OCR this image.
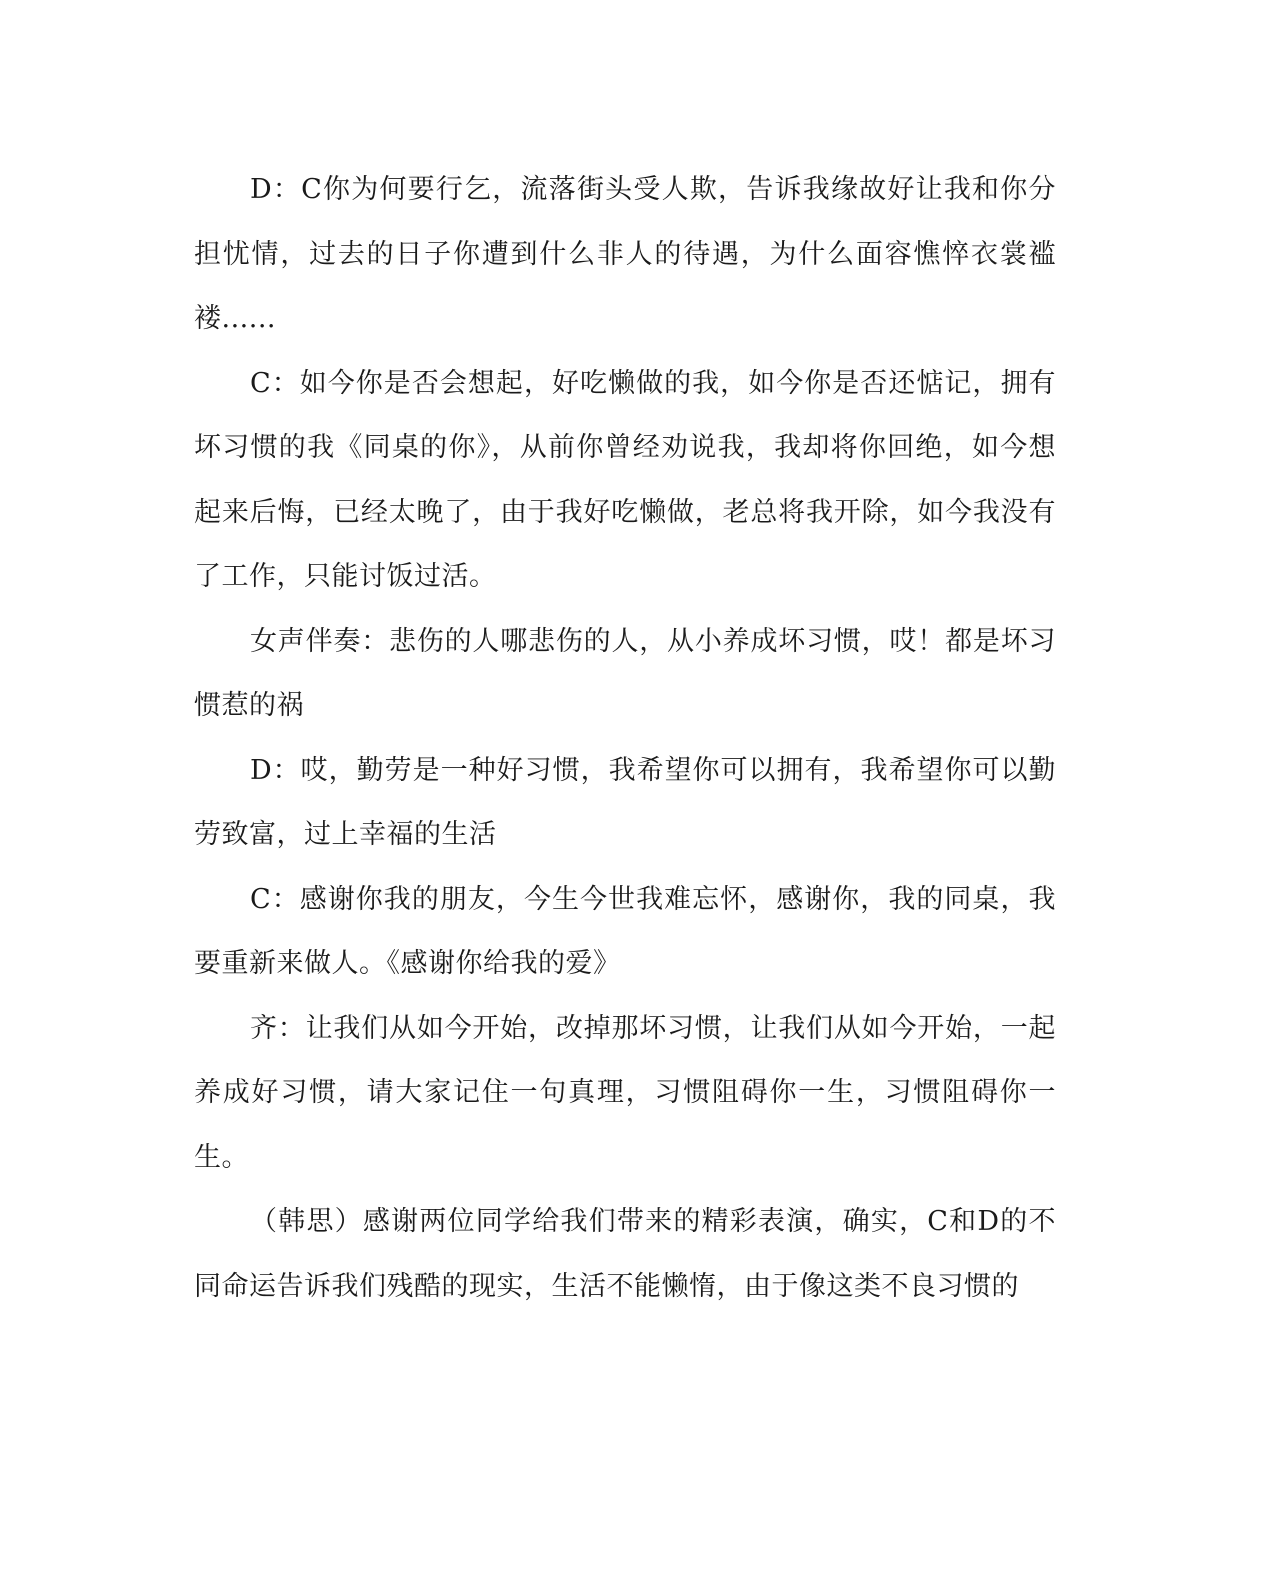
D：C你为何要行乞，流落街头受人欺，告诉我缘故好让我和你分担忧情，过去的日子你遭到什么非人的待遇，为什么面容憔悴衣裳褴褛......

C：如今你是否会想起，好吃懒做的我，如今你是否还惦记，拥有坏习惯的我《同桌的你》，从前你曾经劝说我，我却将你回绝，如今想起来后悔，已经太晚了，由于我好吃懒做，老总将我开除，如今我没有了工作，只能讨饭过活。

女声伴奏：悲伤的人哪悲伤的人，从小养成坏习惯，哎！都是坏习惯惹的祸

D：哎，勤劳是一种好习惯，我希望你可以拥有，我希望你可以勤劳致富，过上幸福的生活

C：感谢你我的朋友，今生今世我难忘怀，感谢你，我的同桌，我要重新来做人。《感谢你给我的爱》

齐：让我们从如今开始，改掉那坏习惯，让我们从如今开始，一起养成好习惯，请大家记住一句真理，习惯阻碍你一生，习惯阻碍你一生。

（韩思）感谢两位同学给我们带来的精彩表演，确实，C和D的不同命运告诉我们残酷的现实，生活不能懒惰，由于像这类不良习惯的
